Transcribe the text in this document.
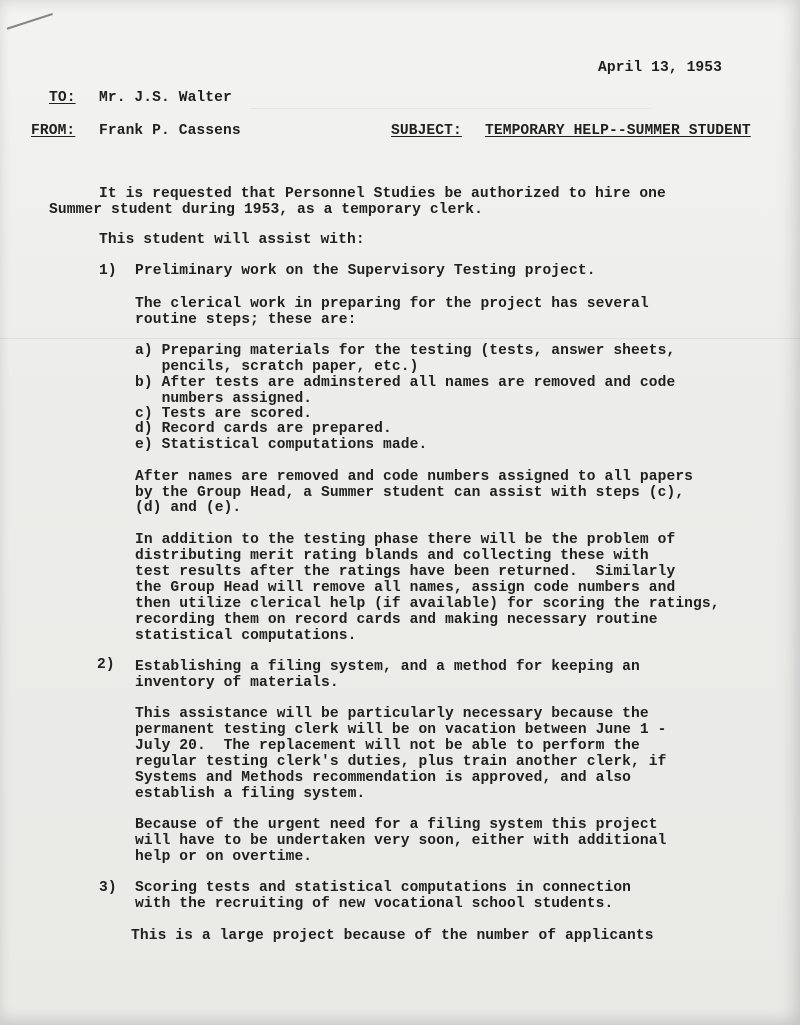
April 13, 1953
TO: Mr. J.S. Walter
FROM: Frank P. Cassens	SUBJECT: TEMPORARY HELP--SUMMER STUDENT
It is requested that Personnel Studies be authorized to hire one
Summer student during 1953, as a temporary clerk.
This student will assist with:
1) Preliminary work on the Supervisory Testing project.
The clerical work in preparing for the project has several
routine steps; these are:
a) Preparing materials for the testing (tests, answer sheets,
pencils, scratch paper, etc.)
b) After tests are adminstered all names are removed and code
numbers assigned.
c) Tests are scored.
d) Record cards are prepared.
e) Statistical computations made.
After names are removed and code numbers assigned to all papers
by the Group Head, a Summer student can assist with steps (c),
(d) and (e).
In addition to the testing phase there will be the problem of
distributing merit rating blands and collecting these with
test results after the ratings have been returned.  Similarly
the Group Head will remove all names, assign code numbers and
then utilize clerical help (if available) for scoring the ratings,
recording them on record cards and making necessary routine
statistical computations.
2) Establishing a filing system, and a method for keeping an
inventory of materials.
This assistance will be particularly necessary because the
permanent testing clerk will be on vacation between June 1 -
July 20.  The replacement will not be able to perform the
regular testing clerk's duties, plus train another clerk, if
Systems and Methods recommendation is approved, and also
establish a filing system.
Because of the urgent need for a filing system this project
will have to be undertaken very soon, either with additional
help or on overtime.
3) Scoring tests and statistical computations in connection
with the recruiting of new vocational school students.
This is a large project because of the number of applicants
